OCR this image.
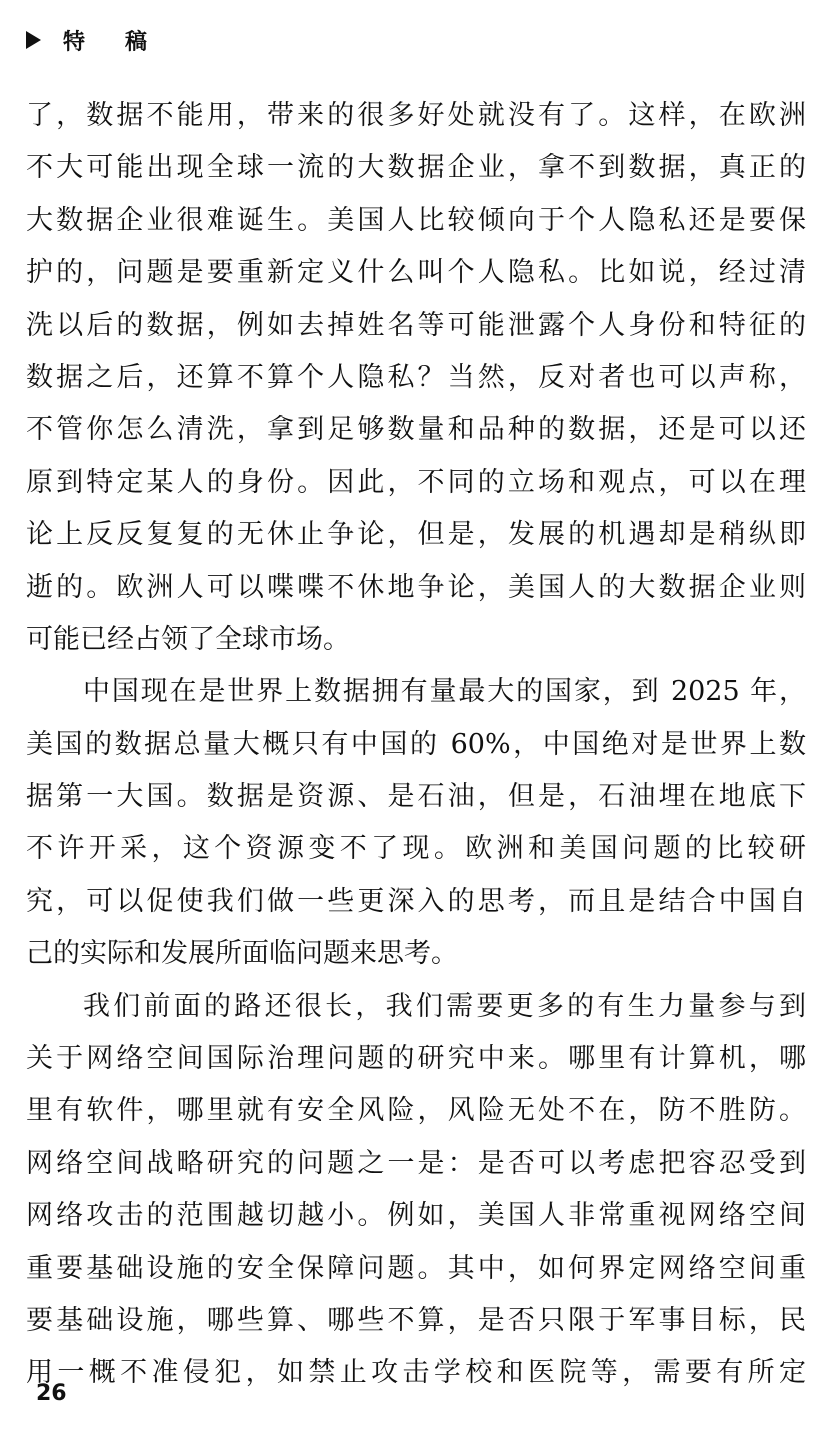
特稿
了，数据不能用，带来的很多好处就没有了。这样，在欧洲
不大可能出现全球一流的大数据企业，拿不到数据，真正的
大数据企业很难诞生。美国人比较倾向于个人隐私还是要保
护的，问题是要重新定义什么叫个人隐私。比如说，经过清
洗以后的数据，例如去掉姓名等可能泄露个人身份和特征的
数据之后，还算不算个人隐私？当然，反对者也可以声称，
不管你怎么清洗，拿到足够数量和品种的数据，还是可以还
原到特定某人的身份。因此，不同的立场和观点，可以在理
论上反反复复的无休止争论，但是，发展的机遇却是稍纵即
逝的。欧洲人可以喋喋不休地争论，美国人的大数据企业则
可能已经占领了全球市场。
中国现在是世界上数据拥有量最大的国家，到 2025 年，
美国的数据总量大概只有中国的 60%，中国绝对是世界上数
据第一大国。数据是资源、是石油，但是，石油埋在地底下
不许开采，这个资源变不了现。欧洲和美国问题的比较研
究，可以促使我们做一些更深入的思考，而且是结合中国自
己的实际和发展所面临问题来思考。
我们前面的路还很长，我们需要更多的有生力量参与到
关于网络空间国际治理问题的研究中来。哪里有计算机，哪
里有软件，哪里就有安全风险，风险无处不在，防不胜防。
网络空间战略研究的问题之一是：是否可以考虑把容忍受到
网络攻击的范围越切越小。例如，美国人非常重视网络空间
重要基础设施的安全保障问题。其中，如何界定网络空间重
要基础设施，哪些算、哪些不算，是否只限于军事目标，民
用一概不准侵犯，如禁止攻击学校和医院等，需要有所定
26
